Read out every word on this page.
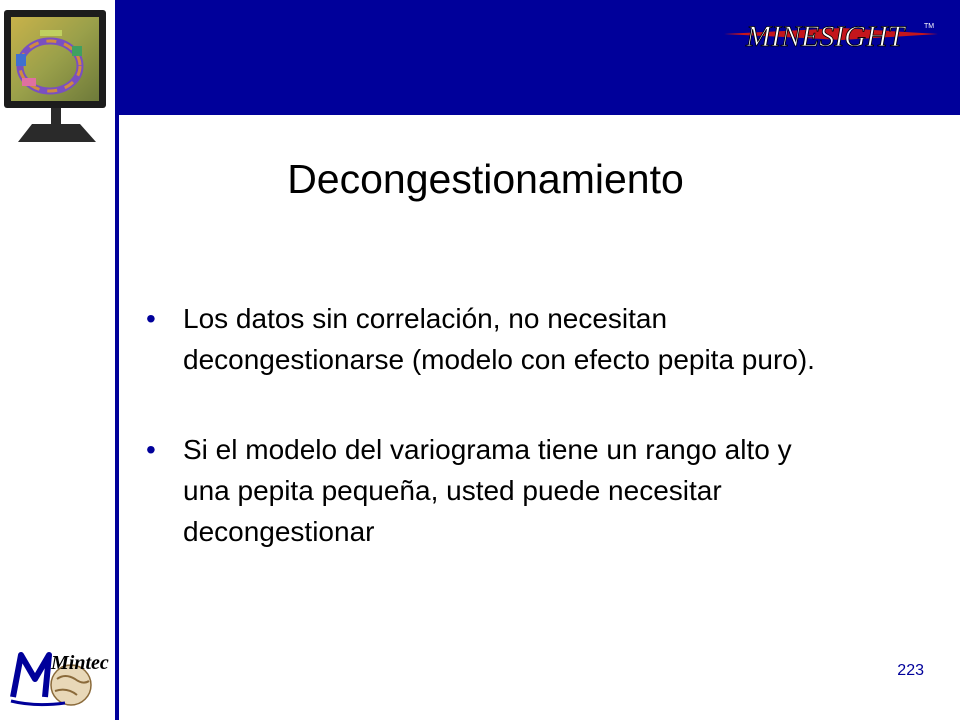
MINESIGHT	TM
Decongestionamiento
• Los datos sin correlación, no necesitan decongestionarse (modelo con efecto pepita puro).
• Si el modelo del variograma tiene un rango alto y una pepita pequeña, usted puede necesitar decongestionar
Mintec	223
